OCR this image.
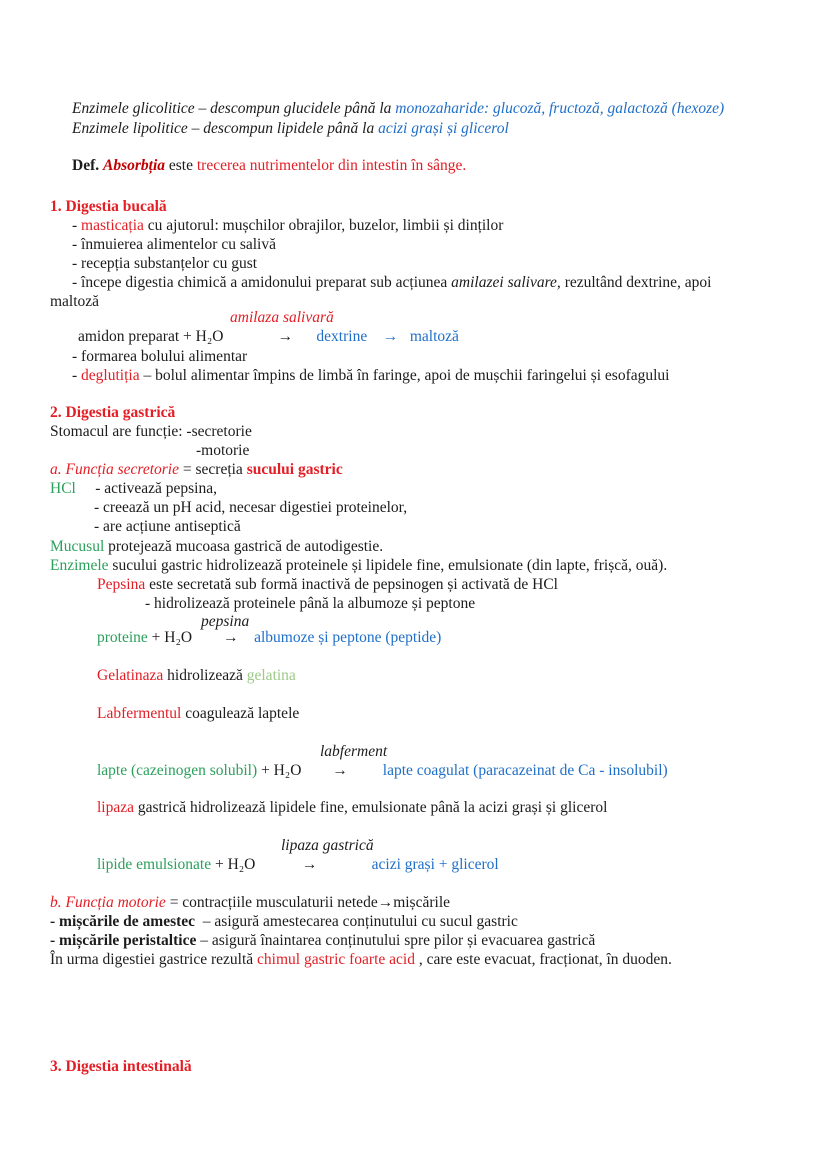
Enzimele glicolitice – descompun glucidele până la monozaharide: glucoză, fructoză, galactoză (hexoze)
Enzimele lipolitice – descompun lipidele până la acizi grași și glicerol
Def. Absorbția este trecerea nutrimentelor din intestin în sânge.
1. Digestia bucală
- masticația cu ajutorul: mușchilor obrajilor, buzelor, limbii și dinților
- înmuierea alimentelor cu salivă
- recepția substanțelor cu gust
- începe digestia chimică a amidonului preparat sub acțiunea amilazei salivare, rezultând dextrine, apoi
maltoză
amilaza salivară
amidon preparat + H₂O	→ dextrine → maltoză
- formarea bolului alimentar
- deglutiția – bolul alimentar împins de limbă în faringe, apoi de mușchii faringelui și esofagului
2. Digestia gastrică
Stomacul are funcție: -secretorie
-motorie
a. Funcția secretorie = secreția sucului gastric
HCl - activează pepsina,
- creează un pH acid, necesar digestiei proteinelor,
- are acțiune antiseptică
Mucusul protejează mucoasa gastrică de autodigestie.
Enzimele sucului gastric hidrolizează proteinele și lipidele fine, emulsionate (din lapte, frișcă, ouă).
Pepsina este secretată sub formă inactivă de pepsinogen și activată de HCl
- hidrolizează proteinele până la albumoze și peptone
pepsina
proteine + H₂O → albumoze și peptone (peptide)
Gelatinaza hidrolizează gelatina
Labfermentul coagulează laptele
labferment
lapte (cazeinogen solubil) + H₂O → lapte coagulat (paracazeinat de Ca - insolubil)
lipaza gastrică hidrolizează lipidele fine, emulsionate până la acizi grași și glicerol
lipaza gastrică
lipide emulsionate + H₂O	→	acizi grași + glicerol
b. Funcția motorie = contracțiile musculaturii netede→mișcările
- mișcările de amestec  – asigură amestecarea conținutului cu sucul gastric
- mișcările peristaltice – asigură înaintarea conținutului spre pilor și evacuarea gastrică
În urma digestiei gastrice rezultă chimul gastric foarte acid , care este evacuat, fracționat, în duoden.
3. Digestia intestinală
